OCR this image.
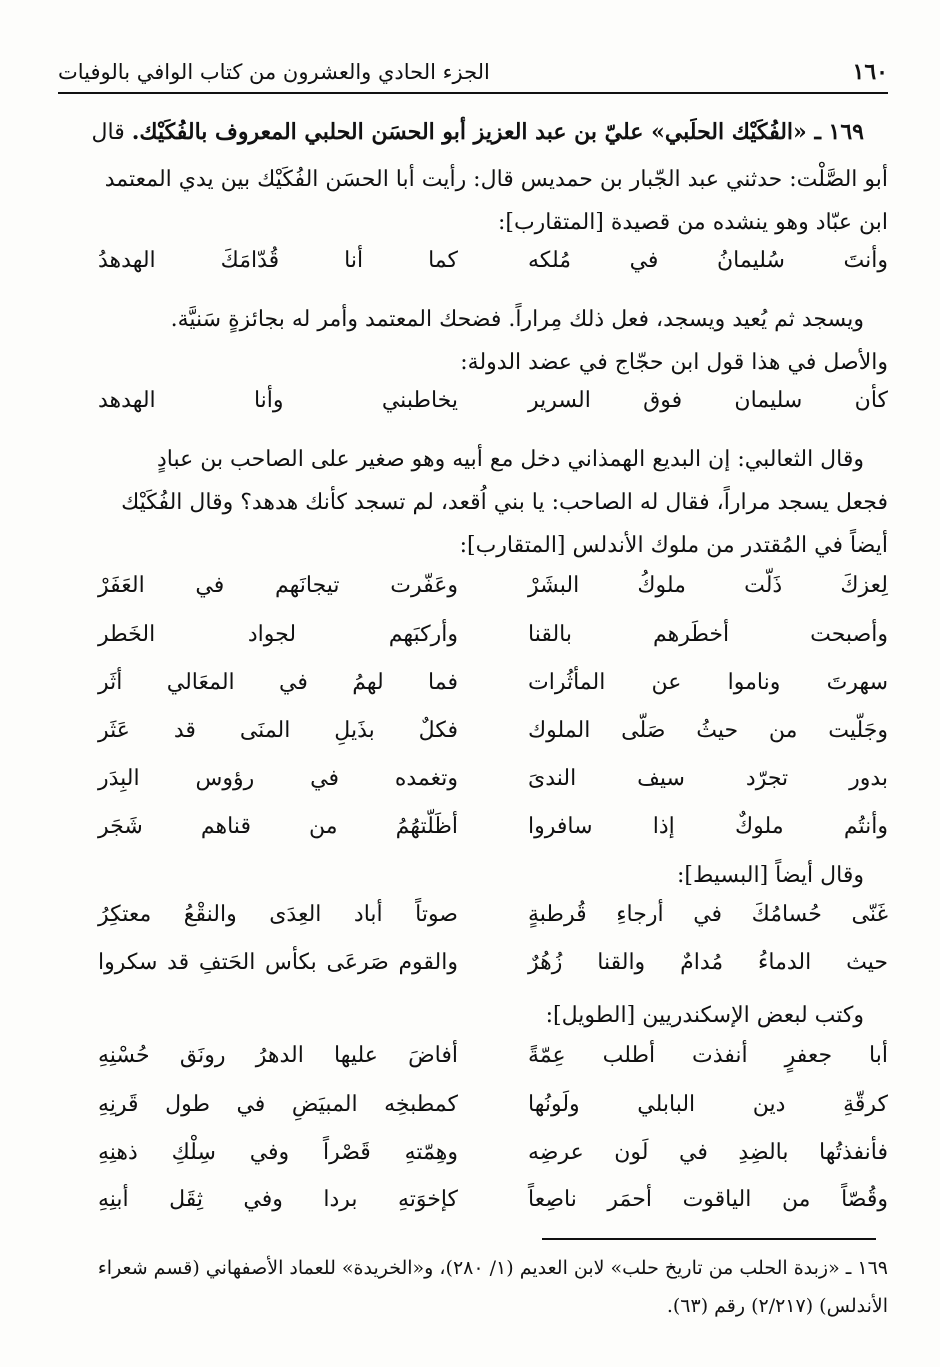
١٦٠
الجزء الحادي والعشرون من كتاب الوافي بالوفيات
١٦٩ ـ «الفُكَيْك الحلَبي» عليّ بن عبد العزيز أبو الحسَن الحلبي المعروف بالفُكَيْك. قال
أبو الصَّلْت: حدثني عبد الجّبار بن حمديس قال: رأيت أبا الحسَن الفُكَيْك بين يدي المعتمد
ابن عبّاد وهو ينشده من قصيدة [المتقارب]:
وأنتَ سُليمانُ في مُلكه
كما أنا قُدّامَكَ الهدهدُ
ويسجد ثم يُعيد ويسجد، فعل ذلك مِراراً. فضحك المعتمد وأمر له بجائزةٍ سَنيَّة.
والأصل في هذا قول ابن حجّاج في عضد الدولة:
كأن سليمان فوق السرير
يخاطبني وأنا الهدهد
وقال الثعالبي: إن البديع الهمذاني دخل مع أبيه وهو صغير على الصاحب بن عبادٍ
فجعل يسجد مراراً، فقال له الصاحب: يا بني اُقعد، لم تسجد كأنك هدهد؟ وقال الفُكَيْك
أيضاً في المُقتدر من ملوك الأندلس [المتقارب]:
لِعزكَ ذَلّت ملوكُ البشَرْ
وعَفّرت تيجانَهم في العَفَرْ
وأصبحت أخطَرهم بالقنا
وأركبَهم لجواد الخَطر
سهرتَ وناموا عن المأثُرات
فما لهمُ في المعَالي أثَر
وجَلّيت من حيثُ صَلّى الملوك
فكلٌ بذَيلِ المنَى قد عَثَر
بدور تجرّد سيف الندىَ
وتغمده في رؤوس البِدَر
وأنتُم ملوكٌ إذا سافروا
أظَلّتهُمُ من قناهم شَجَر
وقال أيضاً [البسيط]:
غَنّى حُسامُكَ في أرجاءِ قُرطبةٍ
صوتاً أباد العِدَى والنقْعُ معتكِرُ
حيث الدماءُ مُدامٌ والقنا زُهُرٌ
والقوم صَرعَى بكأس الحَتفِ قد سكروا
وكتب لبعض الإسكندريين [الطويل]:
أبا جعفرٍ أنفذت أطلب عِمّةً
أفاضَ عليها الدهرُ رونَق حُسْنِهِ
كرقّةِ دين البابلي ولَونُها
كمطبخِه المبيَضِ في طول قَرنِهِ
فأنفذتُها بالضِدِ في لَون عرضِه
وهِمّتهِ قَصْراً وفي سِلْكِ ذهنِهِ
وقُصّاً من الياقوت أحمَر ناصِعاً
كإخوَتهِ بردا وفي ثِقَل أبنِهِ
١٦٩ ـ «زبدة الحلب من تاريخ حلب» لابن العديم (١/ ٢٨٠)، و«الخريدة» للعماد الأصفهاني (قسم شعراء
الأندلس) (٢/٢١٧) رقم (٦٣).
